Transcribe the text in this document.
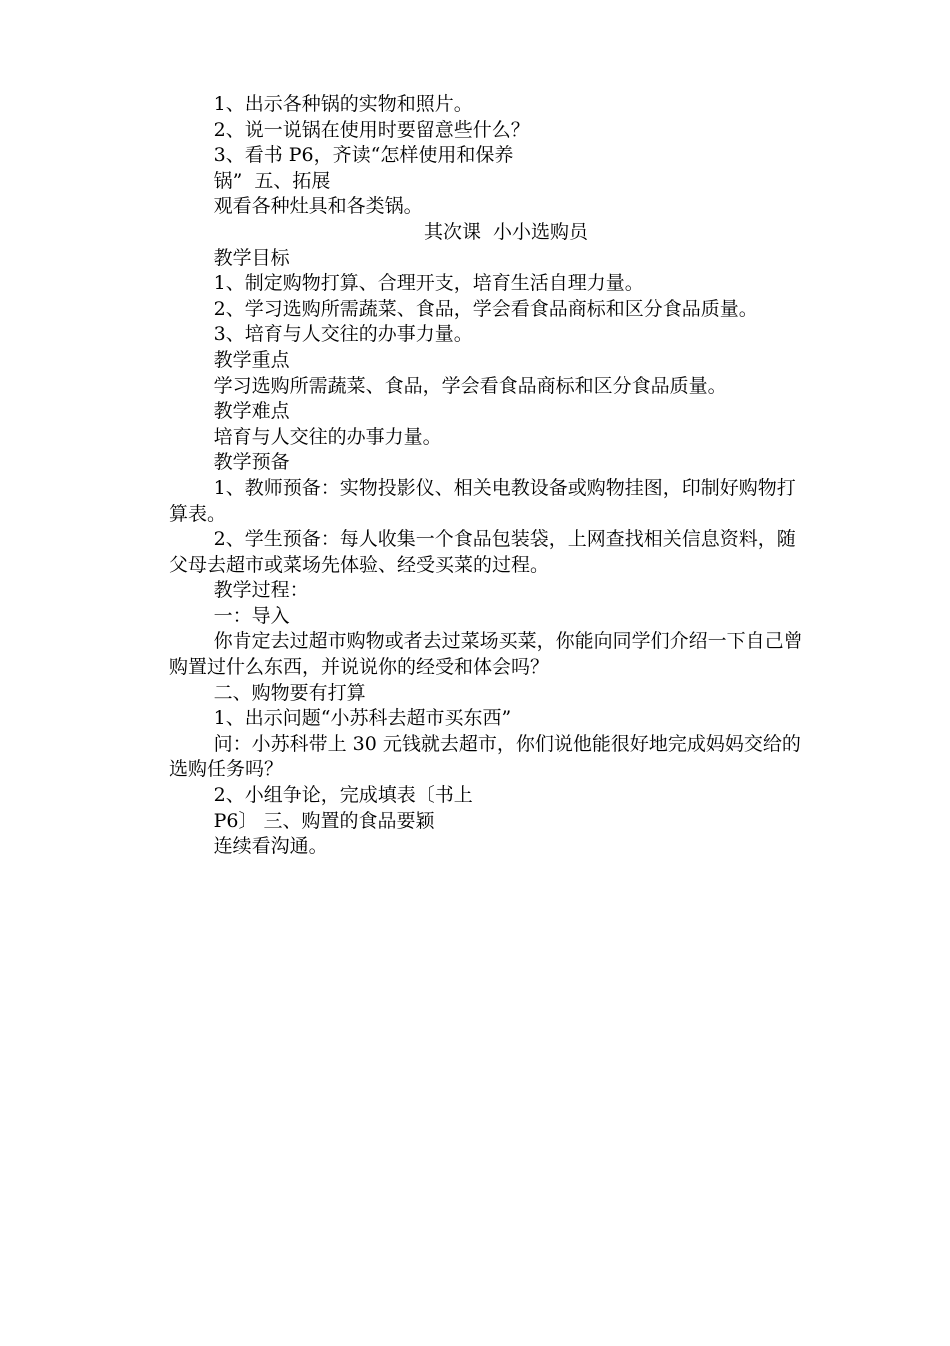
1、出示各种锅的实物和照片。

2、说一说锅在使用时要留意些什么？

3、看书 P6，齐读“怎样使用和保养

锅”  五、拓展

观看各种灶具和各类锅。

其次课  小小选购员

教学目标

1、制定购物打算、合理开支，培育生活自理力量。

2、学习选购所需蔬菜、食品，学会看食品商标和区分食品质量。

3、培育与人交往的办事力量。

教学重点

学习选购所需蔬菜、食品，学会看食品商标和区分食品质量。

教学难点

培育与人交往的办事力量。

教学预备

1、教师预备：实物投影仪、相关电教设备或购物挂图，印制好购物打算表。

2、学生预备：每人收集一个食品包装袋，上网查找相关信息资料，随父母去超市或菜场先体验、经受买菜的过程。

教学过程：

一：导入

你肯定去过超市购物或者去过菜场买菜，你能向同学们介绍一下自己曾购置过什么东西，并说说你的经受和体会吗？

二、购物要有打算

1、出示问题“小苏科去超市买东西”

问：小苏科带上 30 元钱就去超市，你们说他能很好地完成妈妈交给的选购任务吗？

2、小组争论，完成填表〔书上

P6〕 三、购置的食品要颖

连续看沟通。
